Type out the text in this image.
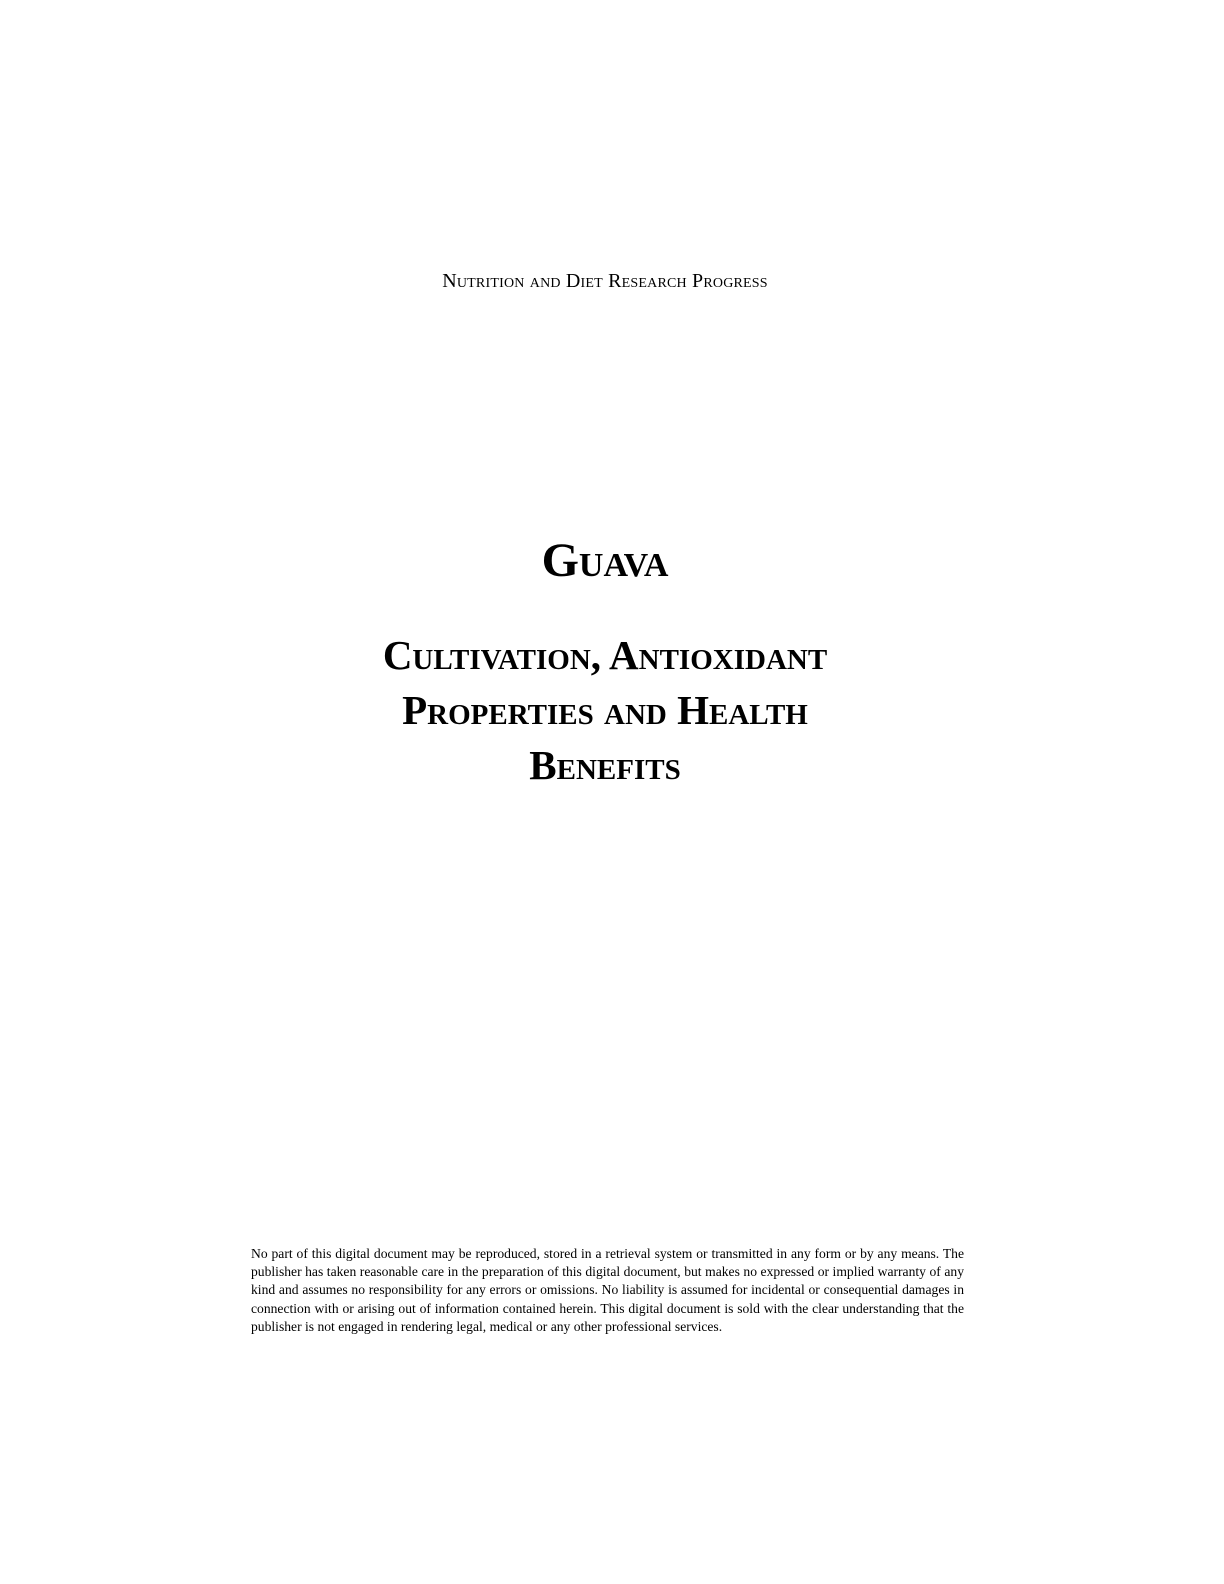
Nutrition and Diet Research Progress

Guava
Cultivation, Antioxidant
Properties and Health
Benefits

No part of this digital document may be reproduced, stored in a retrieval system or transmitted in any form or by any means. The publisher has taken reasonable care in the preparation of this digital document, but makes no expressed or implied warranty of any kind and assumes no responsibility for any errors or omissions. No liability is assumed for incidental or consequential damages in connection with or arising out of information contained herein. This digital document is sold with the clear understanding that the publisher is not engaged in rendering legal, medical or any other professional services.
